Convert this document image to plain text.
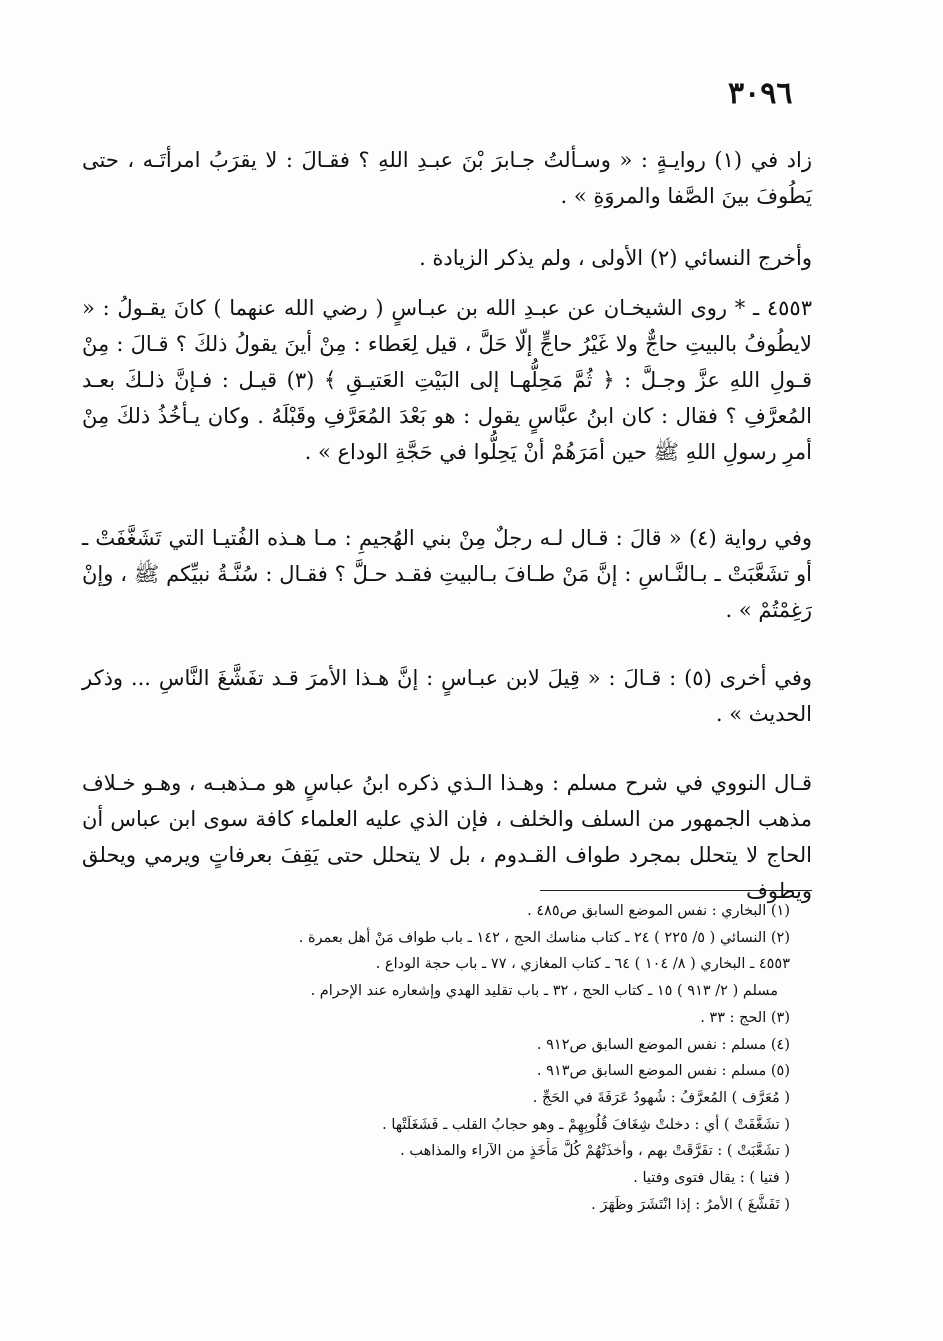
٣٠٩٦

زاد في (١) روايـةٍ : « وسـألتُ جـابرَ بْنَ عبـدِ اللهِ ؟ فقـالَ : لا يقرَبُ امرأتَـه ، حتى يَطُوفَ بينَ الصَّفا والمروَةِ » .

وأخرج النسائي (٢) الأولى ، ولم يذكر الزيادة .

٤٥٥٣ ـ * روى الشيخـان عن عبـدِ الله بن عبـاسٍ ( رضي الله عنهما ) كانَ يقـولُ : « لايطُوفُ بالبيتِ حاجٌّ ولا غَيْرُ حاجٍّ إلّا حَلَّ ، قيل لِعَطاء : مِنْ أينَ يقولُ ذلكَ ؟ قـالَ : مِنْ قـولِ اللهِ عزَّ وجـلَّ : ﴿ ثُمَّ مَحِلُّهـا إلى البَيْتِ العَتيـقِ ﴾ (٣) قيـل : فـإنَّ ذلـكَ بعـد المُعرَّفِ ؟ فقال : كان ابنُ عبَّاسٍ يقول : هو بَعْدَ المُعَرَّفِ وقَبْلَهُ . وكان يـأخُذُ ذلكَ مِنْ أمرِ رسولِ اللهِ ﷺ حين أمَرَهُمْ أنْ يَحِلُّوا في حَجَّةِ الوداع » .

وفي رواية (٤) « قالَ : قـال لـه رجلٌ مِنْ بني الهُجيمِ : مـا هـذه الفُتيـا التي تَشَغَّفَتْ ـ أو تشَعَّبَتْ ـ بـالنَّـاسِ : إنَّ مَنْ طـافَ بـالبيتِ فقـد حـلَّ ؟ فقـال : سُنَّـةُ نبيِّكم ﷺ ، وإنْ رَغِمْتُمْ » .

وفي أخرى (٥) : قـالَ : « قِيلَ لابن عبـاسٍ : إنَّ هـذا الأمرَ قـد تفَشَّغَ النَّاسِ ... وذكر الحديث » .

قـال النووي في شرح مسلم : وهـذا الـذي ذكره ابنُ عباسٍ هو مـذهبـه ، وهـو خـلاف مذهب الجمهور من السلف والخلف ، فإن الذي عليه العلماء كافة سوى ابن عباس أن الحاج لا يتحلل بمجرد طواف القـدوم ، بل لا يتحلل حتى يَقِفَ بعرفاتٍ ويرمي ويحلق ويطوف

(١) البخاري : نفس الموضع السابق ص٤٨٥ .

(٢) النسائي ( ٥/ ٢٢٥ ) ٢٤ ـ كتاب مناسك الحج ، ١٤٢ ـ باب طواف مَنْ أهل بعمرة .

٤٥٥٣ ـ البخاري ( ٨/ ١٠٤ ) ٦٤ ـ كتاب المغازي ، ٧٧ ـ باب حجة الوداع .

مسلم ( ٢/ ٩١٣ ) ١٥ ـ كتاب الحج ، ٣٢ ـ باب تقليد الهدي وإشعاره عند الإحرام .

(٣) الحج : ٣٣ .

(٤) مسلم : نفس الموضع السابق ص٩١٢ .

(٥) مسلم : نفس الموضع السابق ص٩١٣ .

( مُعَرَّف ) المُعرَّفُ : شُهودُ عَرَفَةَ في الحَجِّ .

( تشَغَّفَتْ ) أي : دخلتْ شِغَافَ قُلُوبِهِمْ ـ وهو حجابُ القلب ـ فَشَغَلَتْها .

( تشَعَّبَتْ ) : تفَرَّقَتْ بهم ، وأخذَتْهُمْ كُلَّ مَأْخَذٍ من الآراء والمذاهب .

( فتيا ) : يقال فتوى وفتيا .

( تَفَشَّغَ ) الأمرُ : إذا انْتَشَرَ وظَهَرَ .
